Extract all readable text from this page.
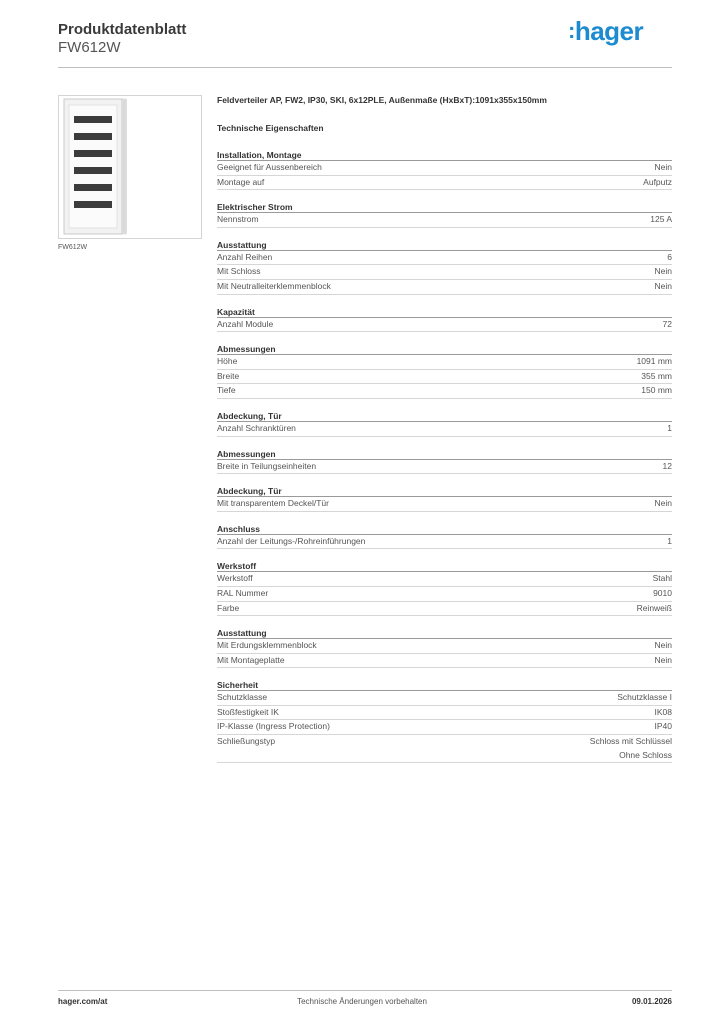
Produktdatenblatt
FW612W
:hager
FW612W
Feldverteiler AP, FW2, IP30, SKI, 6x12PLE, Außenmaße (HxBxT):1091x355x150mm
Technische Eigenschaften
Installation, Montage
Geeignet für Aussenbereich	Nein
Montage auf	Aufputz
Elektrischer Strom
Nennstrom	125 A
Ausstattung
Anzahl Reihen	6
Mit Schloss	Nein
Mit Neutralleiterklemmenblock	Nein
Kapazität
Anzahl Module	72
Abmessungen
Höhe	1091 mm
Breite	355 mm
Tiefe	150 mm
Abdeckung, Tür
Anzahl Schranktüren	1
Abmessungen
Breite in Teilungseinheiten	12
Abdeckung, Tür
Mit transparentem Deckel/Tür	Nein
Anschluss
Anzahl der Leitungs-/Rohreinführungen	1
Werkstoff
Werkstoff	Stahl
RAL Nummer	9010
Farbe	Reinweiß
Ausstattung
Mit Erdungsklemmenblock	Nein
Mit Montageplatte	Nein
Sicherheit
Schutzklasse	Schutzklasse I
Stoßfestigkeit IK	IK08
IP-Klasse (Ingress Protection)	IP40
Schließungstyp	Schloss mit Schlüssel
Ohne Schloss
Technische Änderungen vorbehalten
hager.com/at	09.01.2026
